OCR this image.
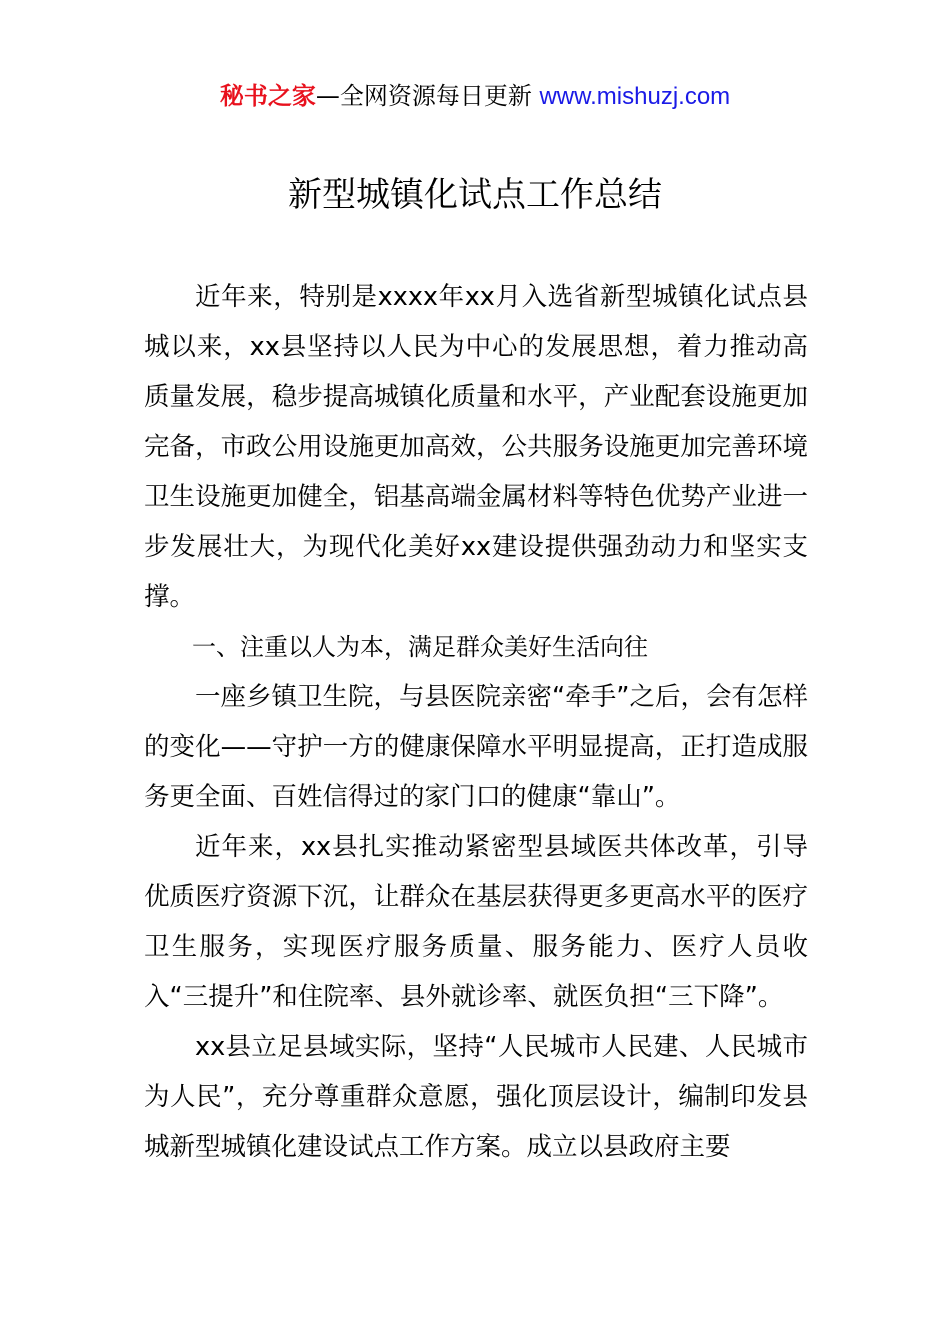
秘书之家—全网资源每日更新 www.mishuzj.com
新型城镇化试点工作总结

近年来，特别是xxxx年xx月入选省新型城镇化试点县城以来，xx县坚持以人民为中心的发展思想，着力推动高质量发展，稳步提高城镇化质量和水平，产业配套设施更加完备，市政公用设施更加高效，公共服务设施更加完善环境卫生设施更加健全，铝基高端金属材料等特色优势产业进一步发展壮大，为现代化美好xx建设提供强劲动力和坚实支撑。

一、注重以人为本，满足群众美好生活向往

一座乡镇卫生院，与县医院亲密“牵手”之后，会有怎样的变化——守护一方的健康保障水平明显提高，正打造成服务更全面、百姓信得过的家门口的健康“靠山”。

近年来，xx县扎实推动紧密型县域医共体改革，引导优质医疗资源下沉，让群众在基层获得更多更高水平的医疗卫生服务，实现医疗服务质量、服务能力、医疗人员收入“三提升”和住院率、县外就诊率、就医负担“三下降”。

xx县立足县域实际，坚持“人民城市人民建、人民城市为人民”，充分尊重群众意愿，强化顶层设计，编制印发县城新型城镇化建设试点工作方案。成立以县政府主要
